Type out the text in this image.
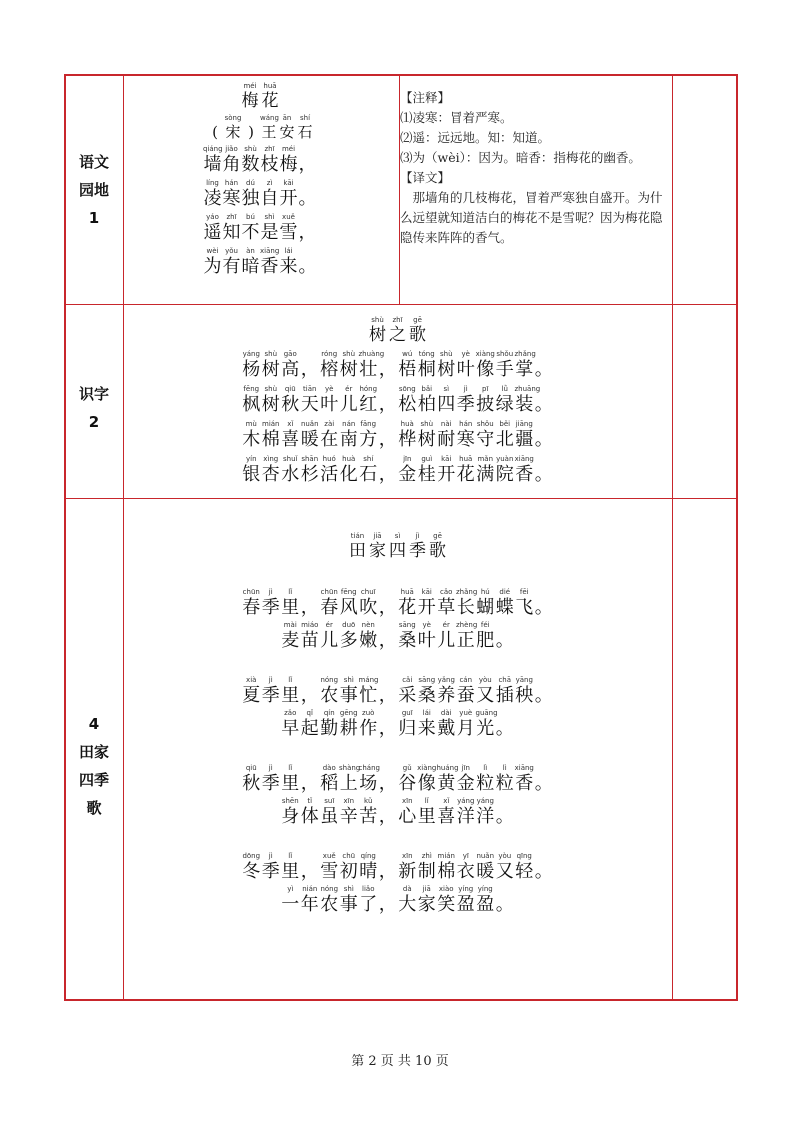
语文
园地
1
识字
2
4
田家
四季
歌
méi
梅
huā
花
(
sòng
宋 )
wáng
王
ān
安
shí
石
qiáng
墙
jiǎo
角
shù
数
zhī
枝
méi
梅 ，
líng
凌
hán
寒
dú
独
zì
自
kāi
开 。
yáo
遥
zhī
知
bú
不
shì
是
xuě
雪 ，
wèi
为
yǒu
有
àn
暗
xiāng
香
lái
来 。

【注释】

⑴凌寒：冒着严寒。

⑵遥：远远地。知：知道。

⑶为（wèi）：因为。暗香：指梅花的幽香。

【译文】

　那墙角的几枝梅花，冒着严寒独自盛开。为什么远望就知道洁白的梅花不是雪呢？因为梅花隐隐传来阵阵的香气。

shù
树
zhī
之
gē
歌
yáng
杨
shù
树
gāo
高 ，
róng
榕
shù
树
zhuàng
壮 ，
wú
梧
tóng
桐
shù
树
yè
叶
xiàng
像
shǒu
手
zhǎng
掌 。
fēng
枫
shù
树
qiū
秋
tiān
天
yè
叶
ér
儿
hóng
红 ，
sōng
松
bǎi
柏
sì
四
jì
季
pī
披
lǜ
绿
zhuāng
装 。
mù
木
mián
棉
xǐ
喜
nuǎn
暖
zài
在
nán
南
fāng
方 ，
huà
桦
shù
树
nài
耐
hán
寒
shǒu
守
běi
北
jiāng
疆 。
yín
银
xìng
杏
shuǐ
水
shān
杉
huó
活
huà
化
shí
石 ，
jīn
金
guì
桂
kāi
开
huā
花
mǎn
满
yuàn
院
xiāng
香 。
tián
田
jiā
家
sì
四
jì
季
gē
歌
chūn
春
jì
季
lǐ
里 ，
chūn
春
fēng
风
chuī
吹 ，
huā
花
kāi
开
cǎo
草
zhǎng
长
hú
蝴
dié
蝶
fēi
飞 。
mài
麦
miáo
苗
ér
儿
duō
多
nèn
嫩 ，
sāng
桑
yè
叶
ér
儿
zhèng
正
féi
肥 。
xià
夏
jì
季
lǐ
里 ，
nóng
农
shì
事
máng
忙 ，
cǎi
采
sāng
桑
yǎng
养
cán
蚕
yòu
又
chā
插
yāng
秧 。
zǎo
早
qǐ
起
qín
勤
gēng
耕
zuò
作 ，
guī
归
lái
来
dài
戴
yuè
月
guāng
光 。
qiū
秋
jì
季
lǐ
里 ，
dào
稻
shàng
上
cháng
场 ，
gǔ
谷
xiàng
像
huáng
黄
jīn
金
lì
粒
lì
粒
xiāng
香 。
shēn
身
tǐ
体
suī
虽
xīn
辛
kǔ
苦 ，
xīn
心
lǐ
里
xǐ
喜
yáng
洋
yáng
洋 。
dōng
冬
jì
季
lǐ
里 ，
xuě
雪
chū
初
qíng
晴 ，
xīn
新
zhì
制
mián
棉
yī
衣
nuǎn
暖
yòu
又
qīng
轻 。
yì
一
nián
年
nóng
农
shì
事
liǎo
了 ，
dà
大
jiā
家
xiào
笑
yíng
盈
yíng
盈 。
第 2 页 共 10 页
